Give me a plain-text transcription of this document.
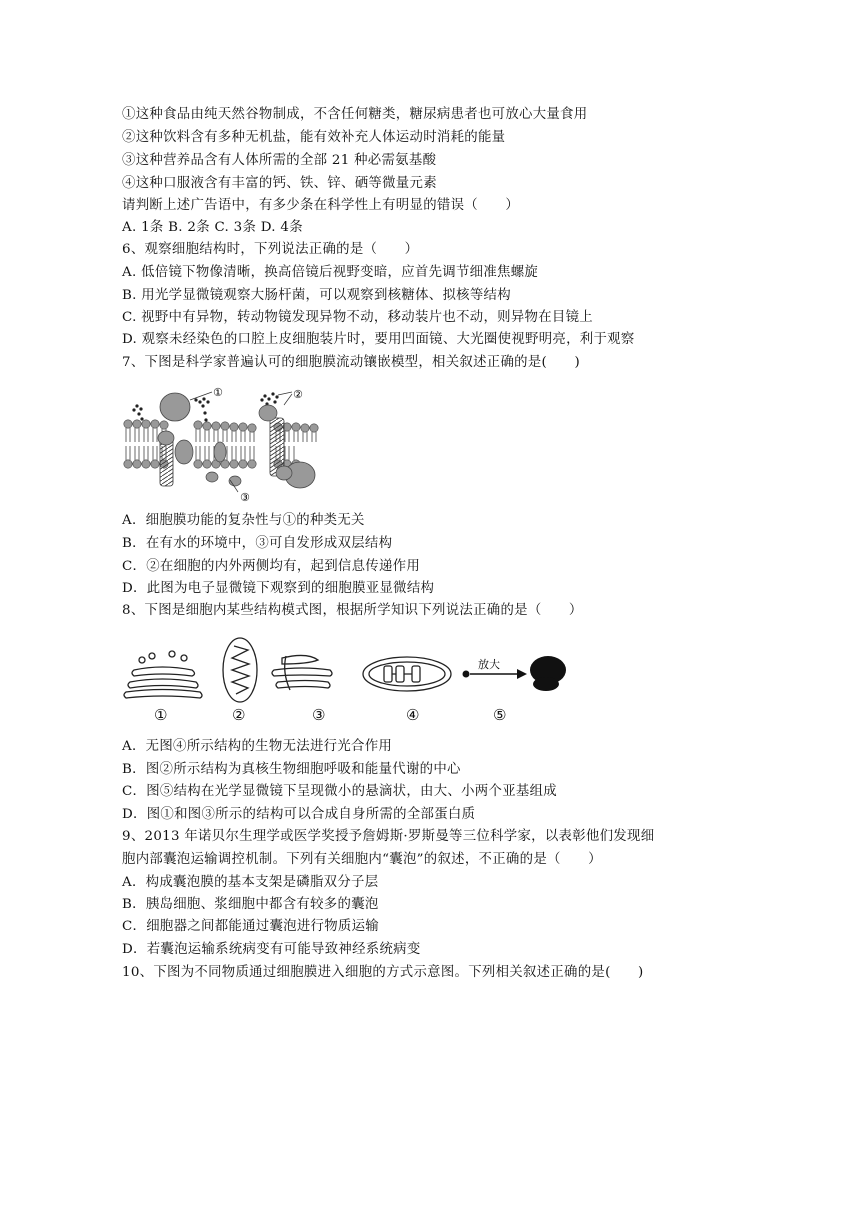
①这种食品由纯天然谷物制成，不含任何糖类，糖尿病患者也可放心大量食用
②这种饮料含有多种无机盐，能有效补充人体运动时消耗的能量
③这种营养品含有人体所需的全部 21 种必需氨基酸
④这种口服液含有丰富的钙、铁、锌、硒等微量元素
请判断上述广告语中，有多少条在科学性上有明显的错误（　　）
A. 1条 B. 2条 C. 3条 D. 4条
6、观察细胞结构时，下列说法正确的是（　　）
A. 低倍镜下物像清晰，换高倍镜后视野变暗，应首先调节细准焦螺旋
B. 用光学显微镜观察大肠杆菌，可以观察到核糖体、拟核等结构
C. 视野中有异物，转动物镜发现异物不动，移动装片也不动，则异物在目镜上
D. 观察未经染色的口腔上皮细胞装片时，要用凹面镜、大光圈使视野明亮，利于观察
7、下图是科学家普遍认可的细胞膜流动镶嵌模型，相关叙述正确的是(　　)
①	②
③
A．细胞膜功能的复杂性与①的种类无关
B．在有水的环境中，③可自发形成双层结构
C．②在细胞的内外两侧均有，起到信息传递作用
D．此图为电子显微镜下观察到的细胞膜亚显微结构
8、下图是细胞内某些结构模式图，根据所学知识下列说法正确的是（　　）
放大
①	②	③	④	⑤
A．无图④所示结构的生物无法进行光合作用
B．图②所示结构为真核生物细胞呼吸和能量代谢的中心
C．图⑤结构在光学显微镜下呈现微小的悬滴状，由大、小两个亚基组成
D．图①和图③所示的结构可以合成自身所需的全部蛋白质
9、2013 年诺贝尔生理学或医学奖授予詹姆斯·罗斯曼等三位科学家，以表彰他们发现细
胞内部囊泡运输调控机制。下列有关细胞内“囊泡”的叙述，不正确的是（　　）
A．构成囊泡膜的基本支架是磷脂双分子层
B．胰岛细胞、浆细胞中都含有较多的囊泡
C．细胞器之间都能通过囊泡进行物质运输
D．若囊泡运输系统病变有可能导致神经系统病变
10、下图为不同物质通过细胞膜进入细胞的方式示意图。下列相关叙述正确的是(　　)
